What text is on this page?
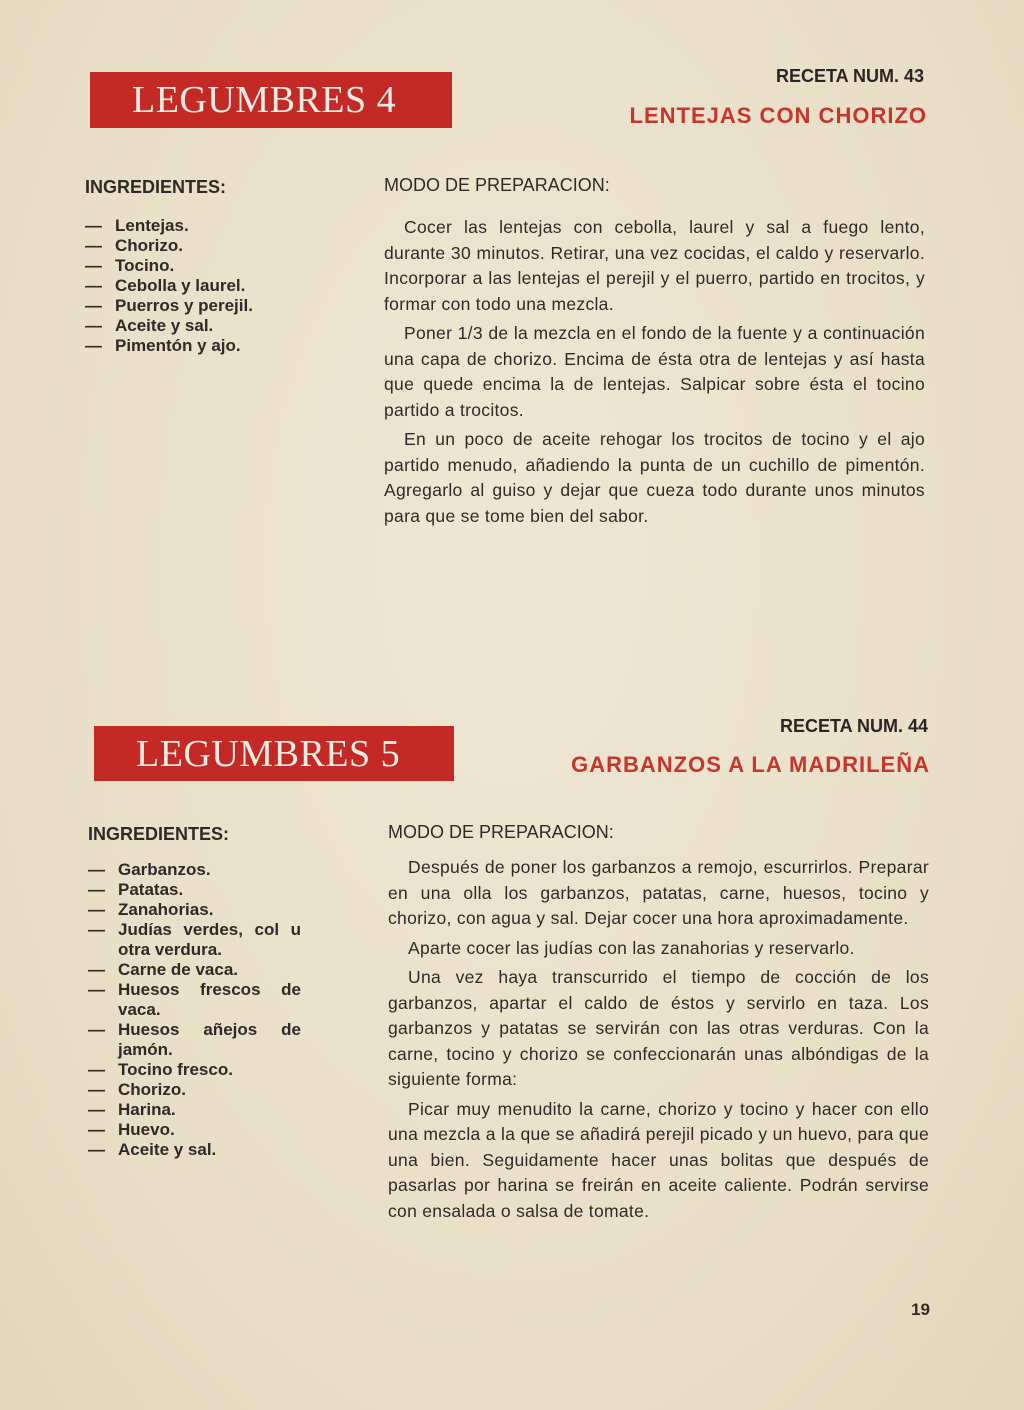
LEGUMBRES 4
RECETA NUM. 43
LENTEJAS CON CHORIZO
INGREDIENTES:
— Lentejas.
— Chorizo.
— Tocino.
— Cebolla y laurel.
— Puerros y perejil.
— Aceite y sal.
— Pimentón y ajo.
MODO DE PREPARACION:

Cocer las lentejas con cebolla, laurel y sal a fuego lento, durante 30 minutos. Retirar, una vez cocidas, el caldo y reservarlo. Incorporar a las lentejas el perejil y el puerro, partido en trocitos, y formar con todo una mezcla.

Poner 1/3 de la mezcla en el fondo de la fuente y a continuación una capa de chorizo. Encima de ésta otra de lentejas y así hasta que quede encima la de lentejas. Salpicar sobre ésta el tocino partido a trocitos.

En un poco de aceite rehogar los trocitos de tocino y el ajo partido menudo, añadiendo la punta de un cuchillo de pimentón. Agregarlo al guiso y dejar que cueza todo durante unos minutos para que se tome bien del sabor.

LEGUMBRES 5
RECETA NUM. 44
GARBANZOS A LA MADRILEÑA
INGREDIENTES:
— Garbanzos.
— Patatas.
— Zanahorias.
— Judías verdes, col u otra verdura.
— Carne de vaca.
— Huesos frescos de vaca.
— Huesos añejos de jamón.
— Tocino fresco.
— Chorizo.
— Harina.
— Huevo.
— Aceite y sal.
MODO DE PREPARACION:

Después de poner los garbanzos a remojo, escurrirlos. Preparar en una olla los garbanzos, patatas, carne, huesos, tocino y chorizo, con agua y sal. Dejar cocer una hora aproximadamente.

Aparte cocer las judías con las zanahorias y reservarlo.

Una vez haya transcurrido el tiempo de cocción de los garbanzos, apartar el caldo de éstos y servirlo en taza. Los garbanzos y patatas se servirán con las otras verduras. Con la carne, tocino y chorizo se confeccionarán unas albóndigas de la siguiente forma:

Picar muy menudito la carne, chorizo y tocino y hacer con ello una mezcla a la que se añadirá perejil picado y un huevo, para que una bien. Seguidamente hacer unas bolitas que después de pasarlas por harina se freirán en aceite caliente. Podrán servirse con ensalada o salsa de tomate.

19
